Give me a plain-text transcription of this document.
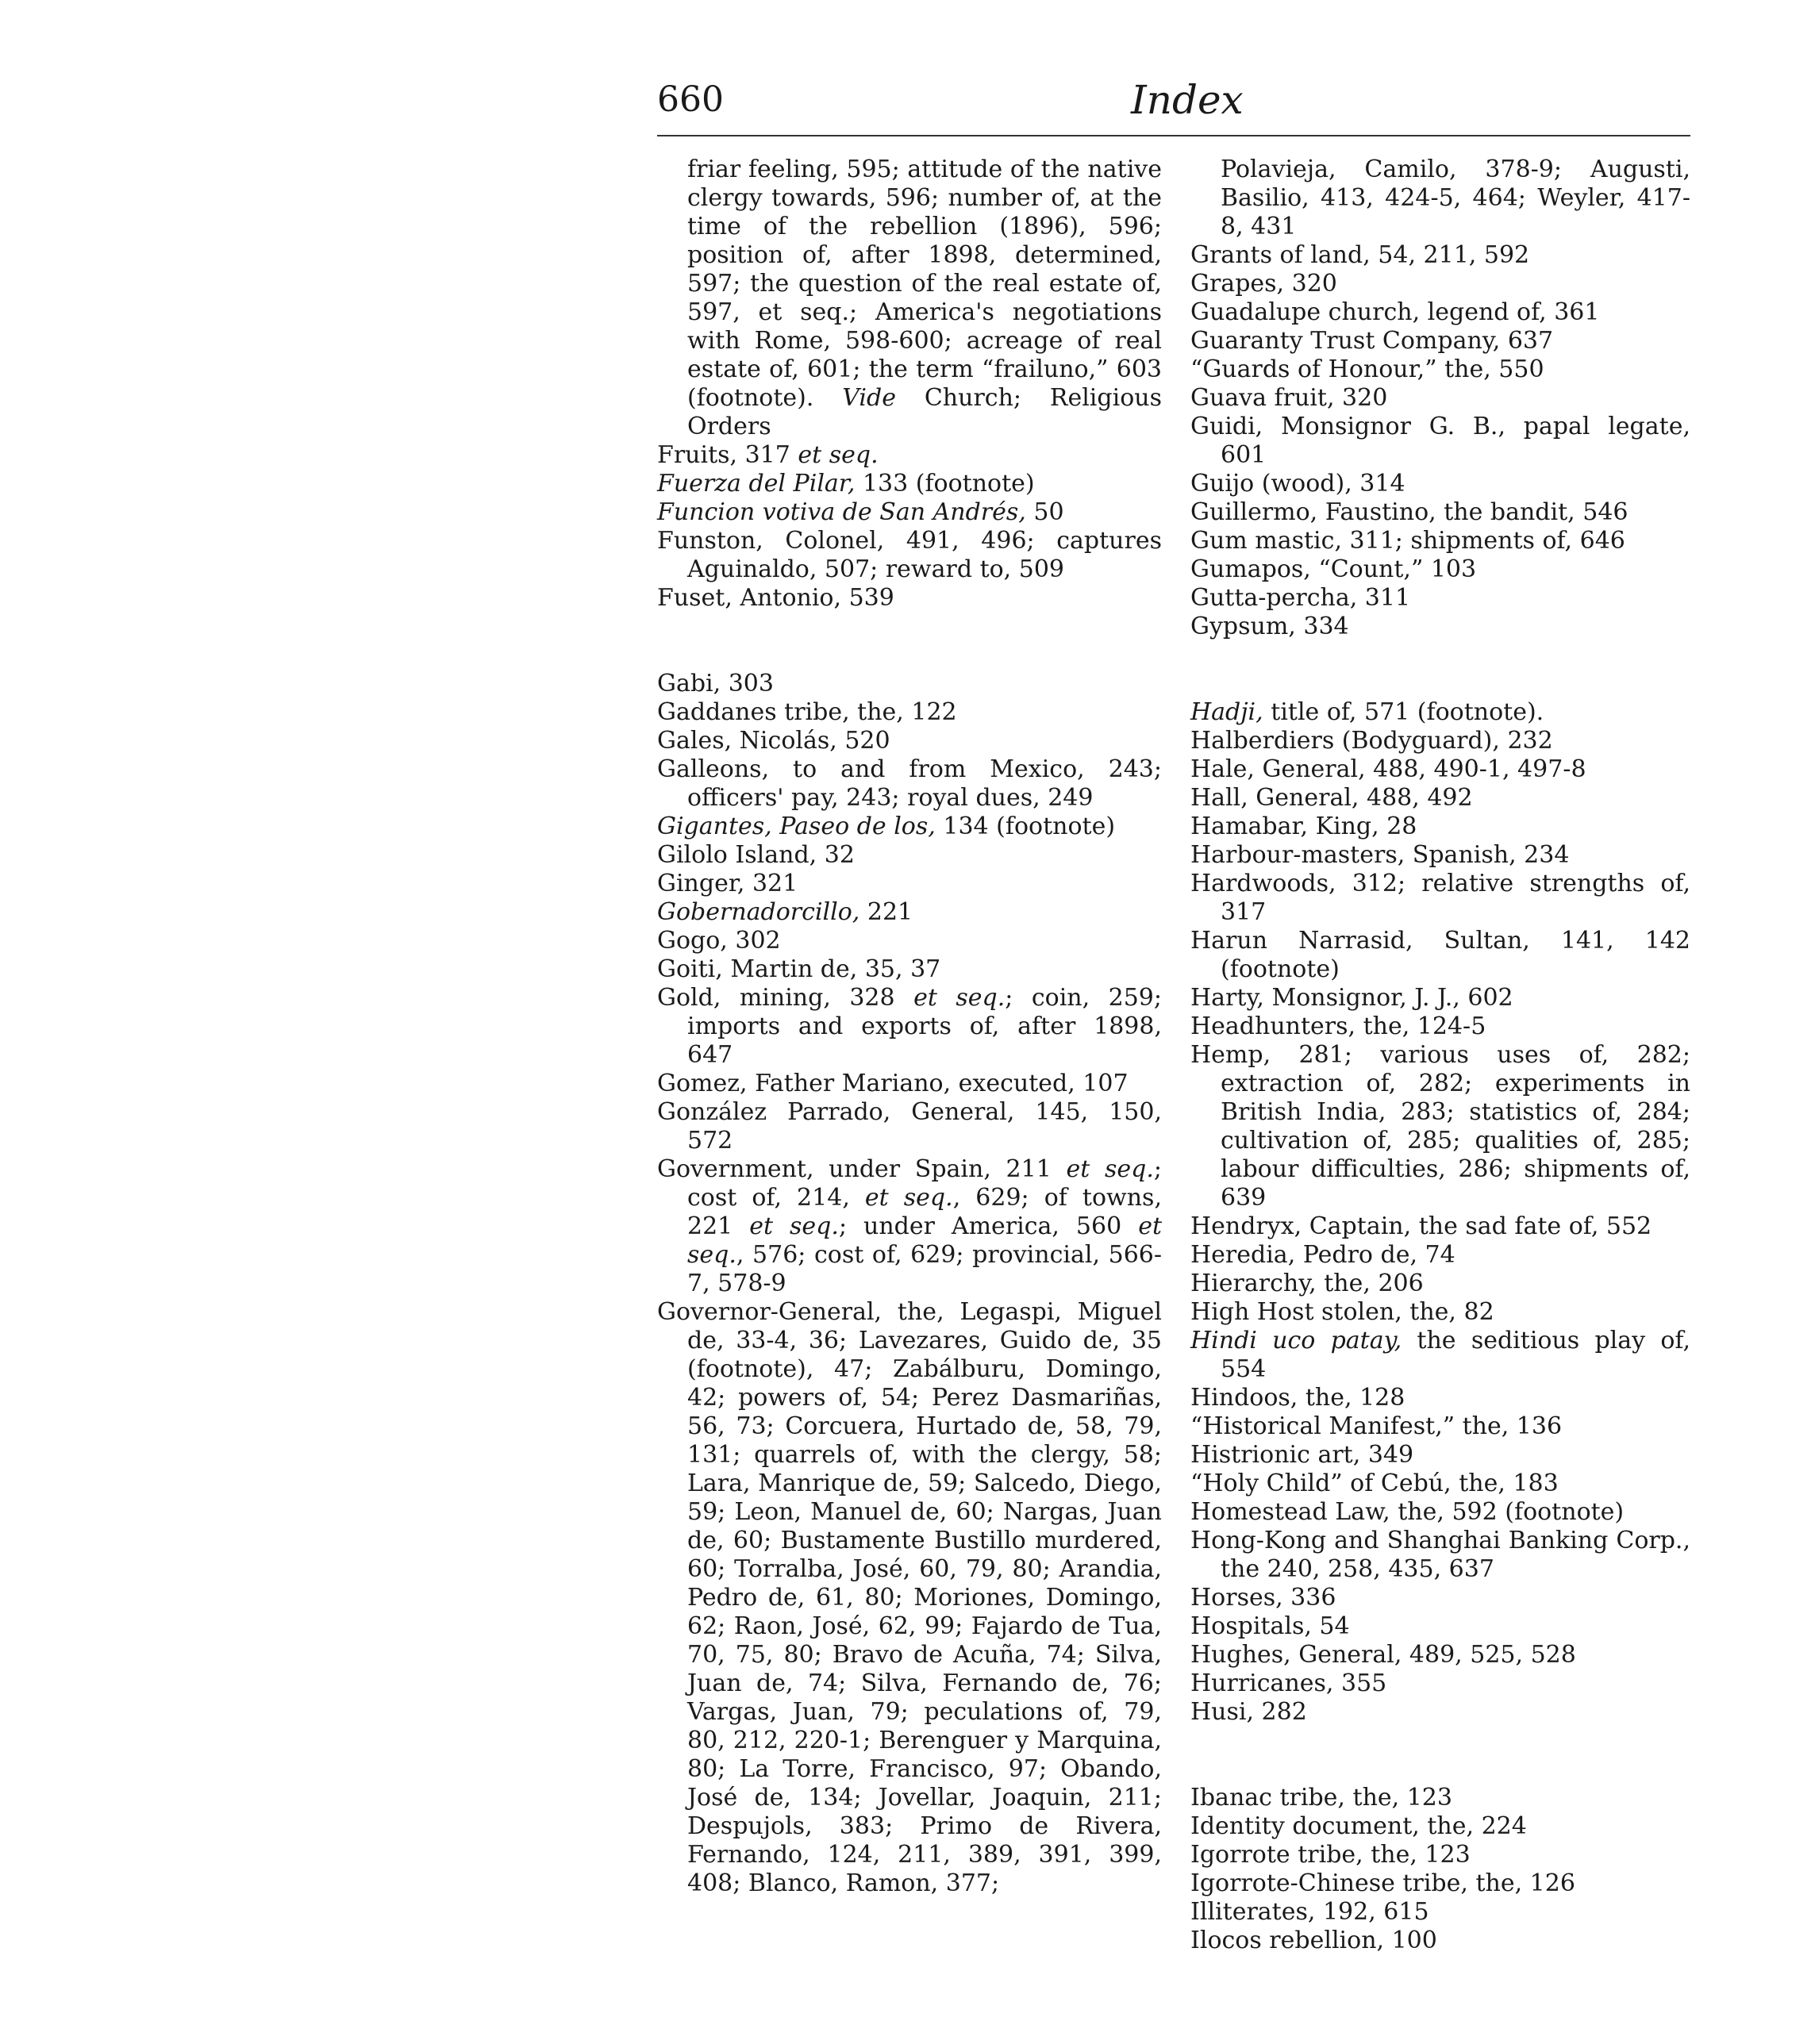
660	Index

friar feeling, 595; attitude of the native clergy towards, 596; number of, at the time of the rebellion (1896), 596; position of, after 1898, determined, 597; the question of the real estate of, 597, et seq.; America's negotiations with Rome, 598-600; acreage of real estate of, 601; the term “frailuno,” 603 (footnote). Vide Church; Religious Orders

Fruits, 317 et seq.

Fuerza del Pilar, 133 (footnote)

Funcion votiva de San Andrés, 50

Funston, Colonel, 491, 496; captures Aguinaldo, 507; reward to, 509

Fuset, Antonio, 539

Gabi, 303

Gaddanes tribe, the, 122

Gales, Nicolás, 520

Galleons, to and from Mexico, 243; officers' pay, 243; royal dues, 249

Gigantes, Paseo de los, 134 (footnote)

Gilolo Island, 32

Ginger, 321

Gobernadorcillo, 221

Gogo, 302

Goiti, Martin de, 35, 37

Gold, mining, 328 et seq.; coin, 259; imports and exports of, after 1898, 647

Gomez, Father Mariano, executed, 107

González Parrado, General, 145, 150, 572

Government, under Spain, 211 et seq.; cost of, 214, et seq., 629; of towns, 221 et seq.; under America, 560 et seq., 576; cost of, 629; provincial, 566-7, 578-9

Governor-General, the, Legaspi, Miguel de, 33-4, 36; Lavezares, Guido de, 35 (footnote), 47; Zabálburu, Domingo, 42; powers of, 54; Perez Dasmariñas, 56, 73; Corcuera, Hurtado de, 58, 79, 131; quarrels of, with the clergy, 58; Lara, Manrique de, 59; Salcedo, Diego, 59; Leon, Manuel de, 60; Nargas, Juan de, 60; Bustamente Bustillo murdered, 60; Torralba, José, 60, 79, 80; Arandia, Pedro de, 61, 80; Moriones, Domingo, 62; Raon, José, 62, 99; Fajardo de Tua, 70, 75, 80; Bravo de Acuña, 74; Silva, Juan de, 74; Silva, Fernando de, 76; Vargas, Juan, 79; peculations of, 79, 80, 212, 220-1; Berenguer y Marquina, 80; La Torre, Francisco, 97; Obando, José de, 134; Jovellar, Joaquin, 211; Despujols, 383; Primo de Rivera, Fernando, 124, 211, 389, 391, 399, 408; Blanco, Ramon, 377;

Polavieja, Camilo, 378-9; Augusti, Basilio, 413, 424-5, 464; Weyler, 417-8, 431

Grants of land, 54, 211, 592

Grapes, 320

Guadalupe church, legend of, 361

Guaranty Trust Company, 637

“Guards of Honour,” the, 550

Guava fruit, 320

Guidi, Monsignor G. B., papal legate, 601

Guijo (wood), 314

Guillermo, Faustino, the bandit, 546

Gum mastic, 311; shipments of, 646

Gumapos, “Count,” 103

Gutta-percha, 311

Gypsum, 334

Hadji, title of, 571 (footnote).

Halberdiers (Bodyguard), 232

Hale, General, 488, 490-1, 497-8

Hall, General, 488, 492

Hamabar, King, 28

Harbour-masters, Spanish, 234

Hardwoods, 312; relative strengths of, 317

Harun Narrasid, Sultan, 141, 142 (footnote)

Harty, Monsignor, J. J., 602

Headhunters, the, 124-5

Hemp, 281; various uses of, 282; extraction of, 282; experiments in British India, 283; statistics of, 284; cultivation of, 285; qualities of, 285; labour difficulties, 286; shipments of, 639

Hendryx, Captain, the sad fate of, 552

Heredia, Pedro de, 74

Hierarchy, the, 206

High Host stolen, the, 82

Hindi uco patay, the seditious play of, 554

Hindoos, the, 128

“Historical Manifest,” the, 136

Histrionic art, 349

“Holy Child” of Cebú, the, 183

Homestead Law, the, 592 (footnote)

Hong-Kong and Shanghai Banking Corp., the 240, 258, 435, 637

Horses, 336

Hospitals, 54

Hughes, General, 489, 525, 528

Hurricanes, 355

Husi, 282

Ibanac tribe, the, 123

Identity document, the, 224

Igorrote tribe, the, 123

Igorrote-Chinese tribe, the, 126

Illiterates, 192, 615

Ilocos rebellion, 100
